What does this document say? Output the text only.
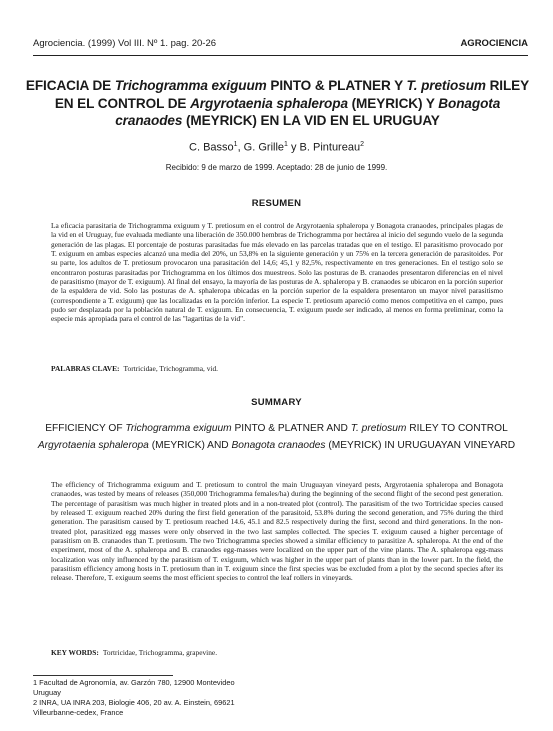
Agrociencia. (1999) Vol III. Nº 1. pag. 20-26	AGROCIENCIA
EFICACIA DE Trichogramma exiguum PINTO & PLATNER Y T. pretiosum RILEY EN EL CONTROL DE Argyrotaenia sphaleropa (MEYRICK) Y Bonagota cranaodes (MEYRICK) EN LA VID EN EL URUGUAY
C. Basso$^1$, G. Grille$^1$ y B. Pintureau$^2$
Recibido: 9 de marzo de 1999. Aceptado: 28 de junio de 1999.
RESUMEN
La eficacia parasitaria de Trichogramma exiguum y T. pretiosum en el control de Argyrotaenia sphaleropa y Bonagota cranaodes, principales plagas de la vid en el Uruguay, fue evaluada mediante una liberación de 350.000 hembras de Trichogramma por hectárea al inicio del segundo vuelo de la segunda generación de las plagas. El porcentaje de posturas parasitadas fue más elevado en las parcelas tratadas que en el testigo. El parasitismo provocado por T. exiguum en ambas especies alcanzó una media del 20%, un 53,8% en la siguiente generación y un 75% en la tercera generación de parasitoides. Por su parte, los adultos de T. pretiosum provocaron una parasitación del 14,6; 45,1 y 82,5%, respectivamente en tres generaciones. En el testigo solo se encontraron posturas parasitadas por Trichogramma en los últimos dos muestreos. Solo las posturas de B. cranaodes presentaron diferencias en el nivel de parasitismo (mayor de T. exiguum). Al final del ensayo, la mayoría de las posturas de A. sphaleropa y B. cranaodes se ubicaron en la porción superior de la espaldera de vid. Solo las posturas de A. sphaleropa ubicadas en la porción superior de la espaldera presentaron un mayor nivel parasitismo (correspondiente a T. exiguum) que las localizadas en la porción inferior. La especie T. pretiosum apareció como menos competitiva en el campo, pues pudo ser desplazada por la población natural de T. exiguum. En consecuencia, T. exiguum puede ser indicado, al menos en forma preliminar, como la especie más apropiada para el control de las "lagartitas de la vid".
PALABRAS CLAVE: Tortricidae, Trichogramma, vid.
SUMMARY
EFFICIENCY OF Trichogramma exiguum PINTO & PLATNER AND T. pretiosum RILEY TO CONTROL Argyrotaenia sphaleropa (MEYRICK) AND Bonagota cranaodes (MEYRICK) IN URUGUAYAN VINEYARD
The efficiency of Trichogramma exiguum and T. pretiosum to control the main Uruguayan vineyard pests, Argyrotaenia sphaleropa and Bonagota cranaodes, was tested by means of releases (350,000 Trichogramma females/ha) during the beginning of the second flight of the second pest generation. The percentage of parasitism was much higher in treated plots and in a non-treated plot (control). The parasitism of the two Tortricidae species caused by released T. exiguum reached 20% during the first field generation of the parasitoid, 53.8% during the second generation, and 75% during the third generation. The parasitism caused by T. pretiosum reached 14.6, 45.1 and 82.5 respectively during the first, second and third generations. In the non-treated plot, parasitized egg masses were only observed in the two last samples collected. The species T. exiguum caused a higher percentage of parasitism on B. cranaodes than T. pretiosum. The two Trichogramma species showed a similar efficiency to parasitize A. sphaleropa. At the end of the experiment, most of the A. sphaleropa and B. cranaodes egg-masses were localized on the upper part of the vine plants. The A. sphaleropa egg-mass localization was only influenced by the parasitism of T. exiguum, which was higher in the upper part of plants than in the lower part. In the field, the parasitism efficiency among hosts in T. pretiosum than in T. exiguum since the first species was be excluded from a plot by the second species after its release. Therefore, T. exiguum seems the most efficient species to control the leaf rollers in vineyards.
KEY WORDS: Tortricidae, Trichogramma, grapevine.
1 Facultad de Agronomía, av. Garzón 780, 12900 Montevideo
Uruguay
2 INRA, UA INRA 203, Biologie 406, 20 av. A. Einstein, 69621
Villeurbanne-cedex, France
